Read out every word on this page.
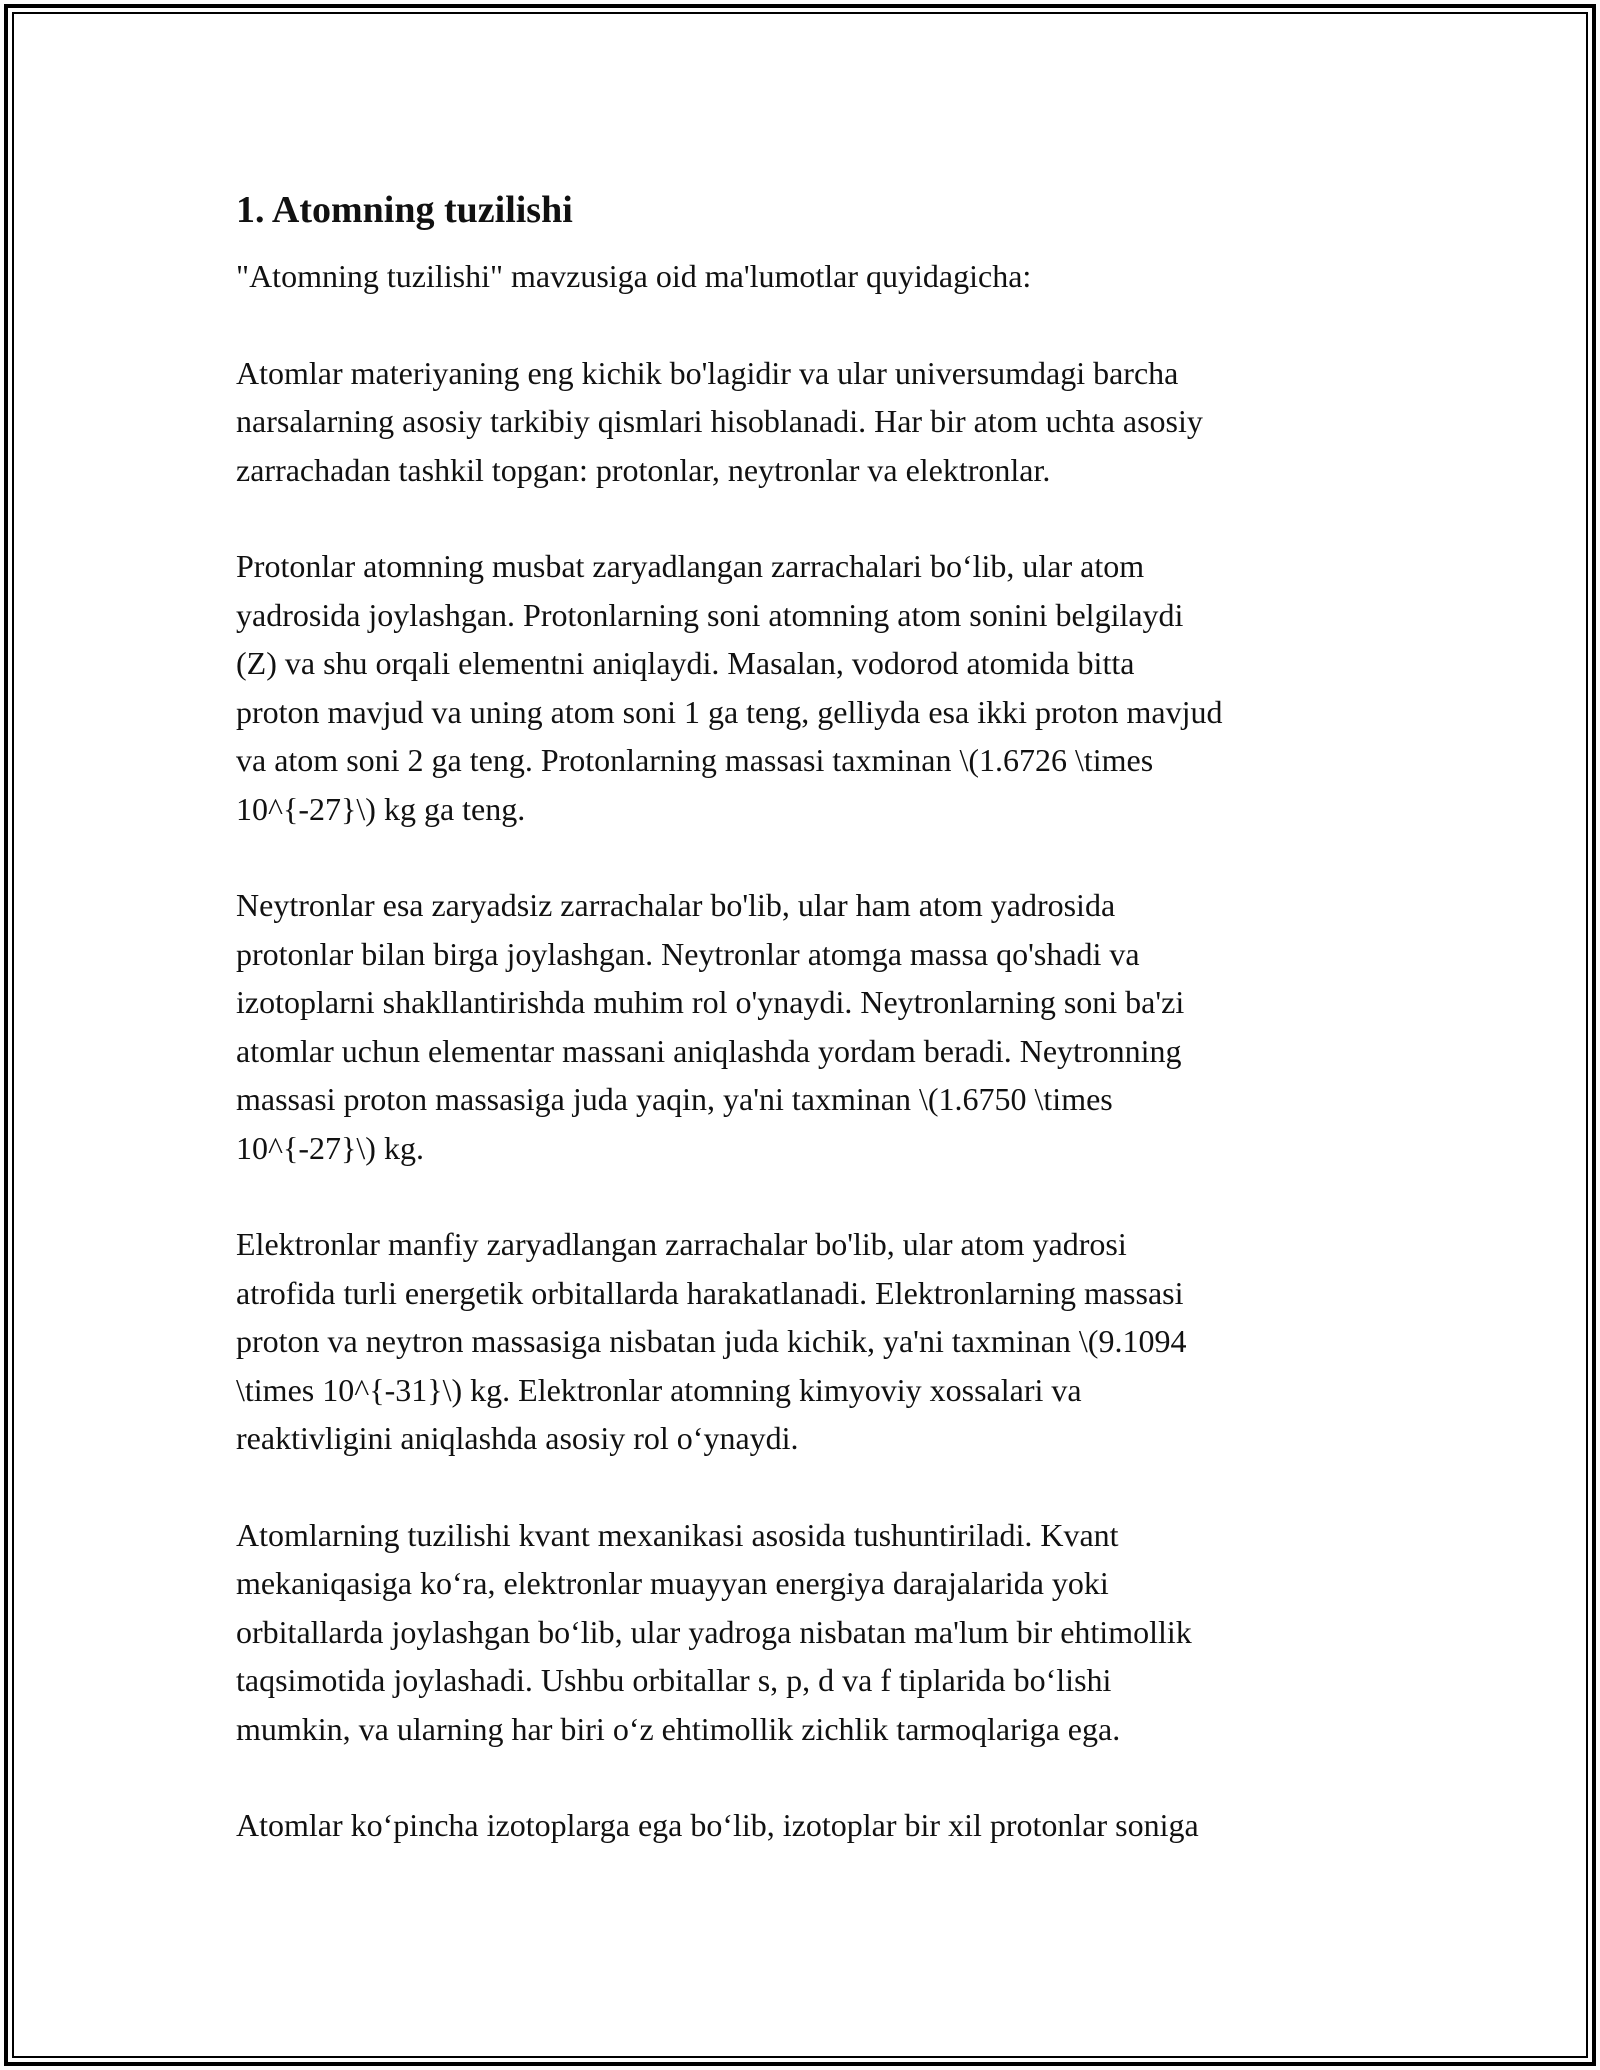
1. Atomning tuzilishi
"Atomning tuzilishi" mavzusiga oid ma'lumotlar quyidagicha:
Atomlar materiyaning eng kichik bo'lagidir va ular universumdagi barcha
narsalarning asosiy tarkibiy qismlari hisoblanadi. Har bir atom uchta asosiy
zarrachadan tashkil topgan: protonlar, neytronlar va elektronlar.
Protonlar atomning musbat zaryadlangan zarrachalari bo‘lib, ular atom
yadrosida joylashgan. Protonlarning soni atomning atom sonini belgilaydi
(Z) va shu orqali elementni aniqlaydi. Masalan, vodorod atomida bitta
proton mavjud va uning atom soni 1 ga teng, gelliyda esa ikki proton mavjud
va atom soni 2 ga teng. Protonlarning massasi taxminan \(1.6726 \times
10^{-27}\) kg ga teng.
Neytronlar esa zaryadsiz zarrachalar bo'lib, ular ham atom yadrosida
protonlar bilan birga joylashgan. Neytronlar atomga massa qo'shadi va
izotoplarni shakllantirishda muhim rol o'ynaydi. Neytronlarning soni ba'zi
atomlar uchun elementar massani aniqlashda yordam beradi. Neytronning
massasi proton massasiga juda yaqin, ya'ni taxminan \(1.6750 \times
10^{-27}\) kg.
Elektronlar manfiy zaryadlangan zarrachalar bo'lib, ular atom yadrosi
atrofida turli energetik orbitallarda harakatlanadi. Elektronlarning massasi
proton va neytron massasiga nisbatan juda kichik, ya'ni taxminan \(9.1094
\times 10^{-31}\) kg. Elektronlar atomning kimyoviy xossalari va
reaktivligini aniqlashda asosiy rol o‘ynaydi.
Atomlarning tuzilishi kvant mexanikasi asosida tushuntiriladi. Kvant
mekaniqasiga ko‘ra, elektronlar muayyan energiya darajalarida yoki
orbitallarda joylashgan bo‘lib, ular yadroga nisbatan ma'lum bir ehtimollik
taqsimotida joylashadi. Ushbu orbitallar s, p, d va f tiplarida bo‘lishi
mumkin, va ularning har biri o‘z ehtimollik zichlik tarmoqlariga ega.
Atomlar ko‘pincha izotoplarga ega bo‘lib, izotoplar bir xil protonlar soniga
